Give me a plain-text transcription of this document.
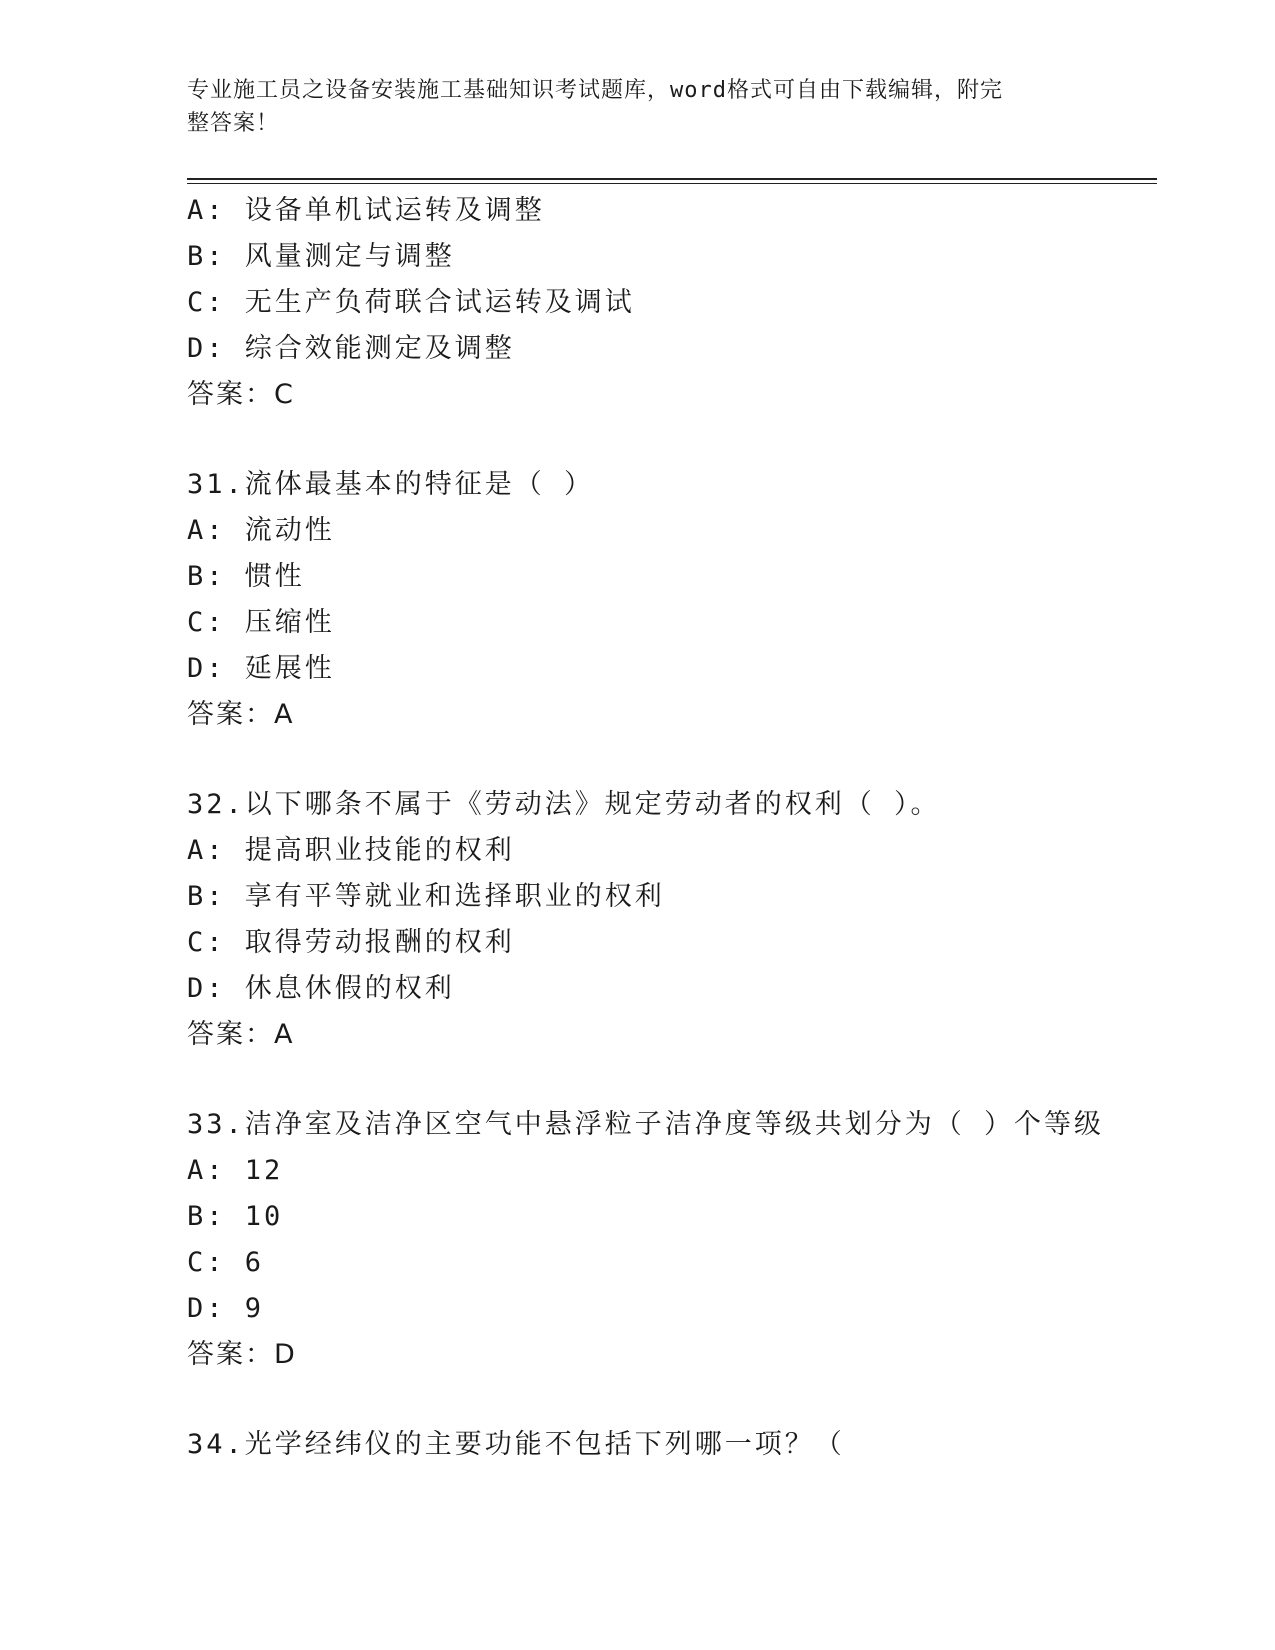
专业施工员之设备安装施工基础知识考试题库，word格式可自由下载编辑，附完
整答案！
A: 设备单机试运转及调整
B: 风量测定与调整
C: 无生产负荷联合试运转及调试
D: 综合效能测定及调整
答案：C
31.流体最基本的特征是（ ）
A: 流动性
B: 惯性
C: 压缩性
D: 延展性
答案：A
32.以下哪条不属于《劳动法》规定劳动者的权利（ ）。
A: 提高职业技能的权利
B: 享有平等就业和选择职业的权利
C: 取得劳动报酬的权利
D: 休息休假的权利
答案：A
33.洁净室及洁净区空气中悬浮粒子洁净度等级共划分为（ ）个等级
A: 12
B: 10
C: 6
D: 9
答案：D
34.光学经纬仪的主要功能不包括下列哪一项？（
